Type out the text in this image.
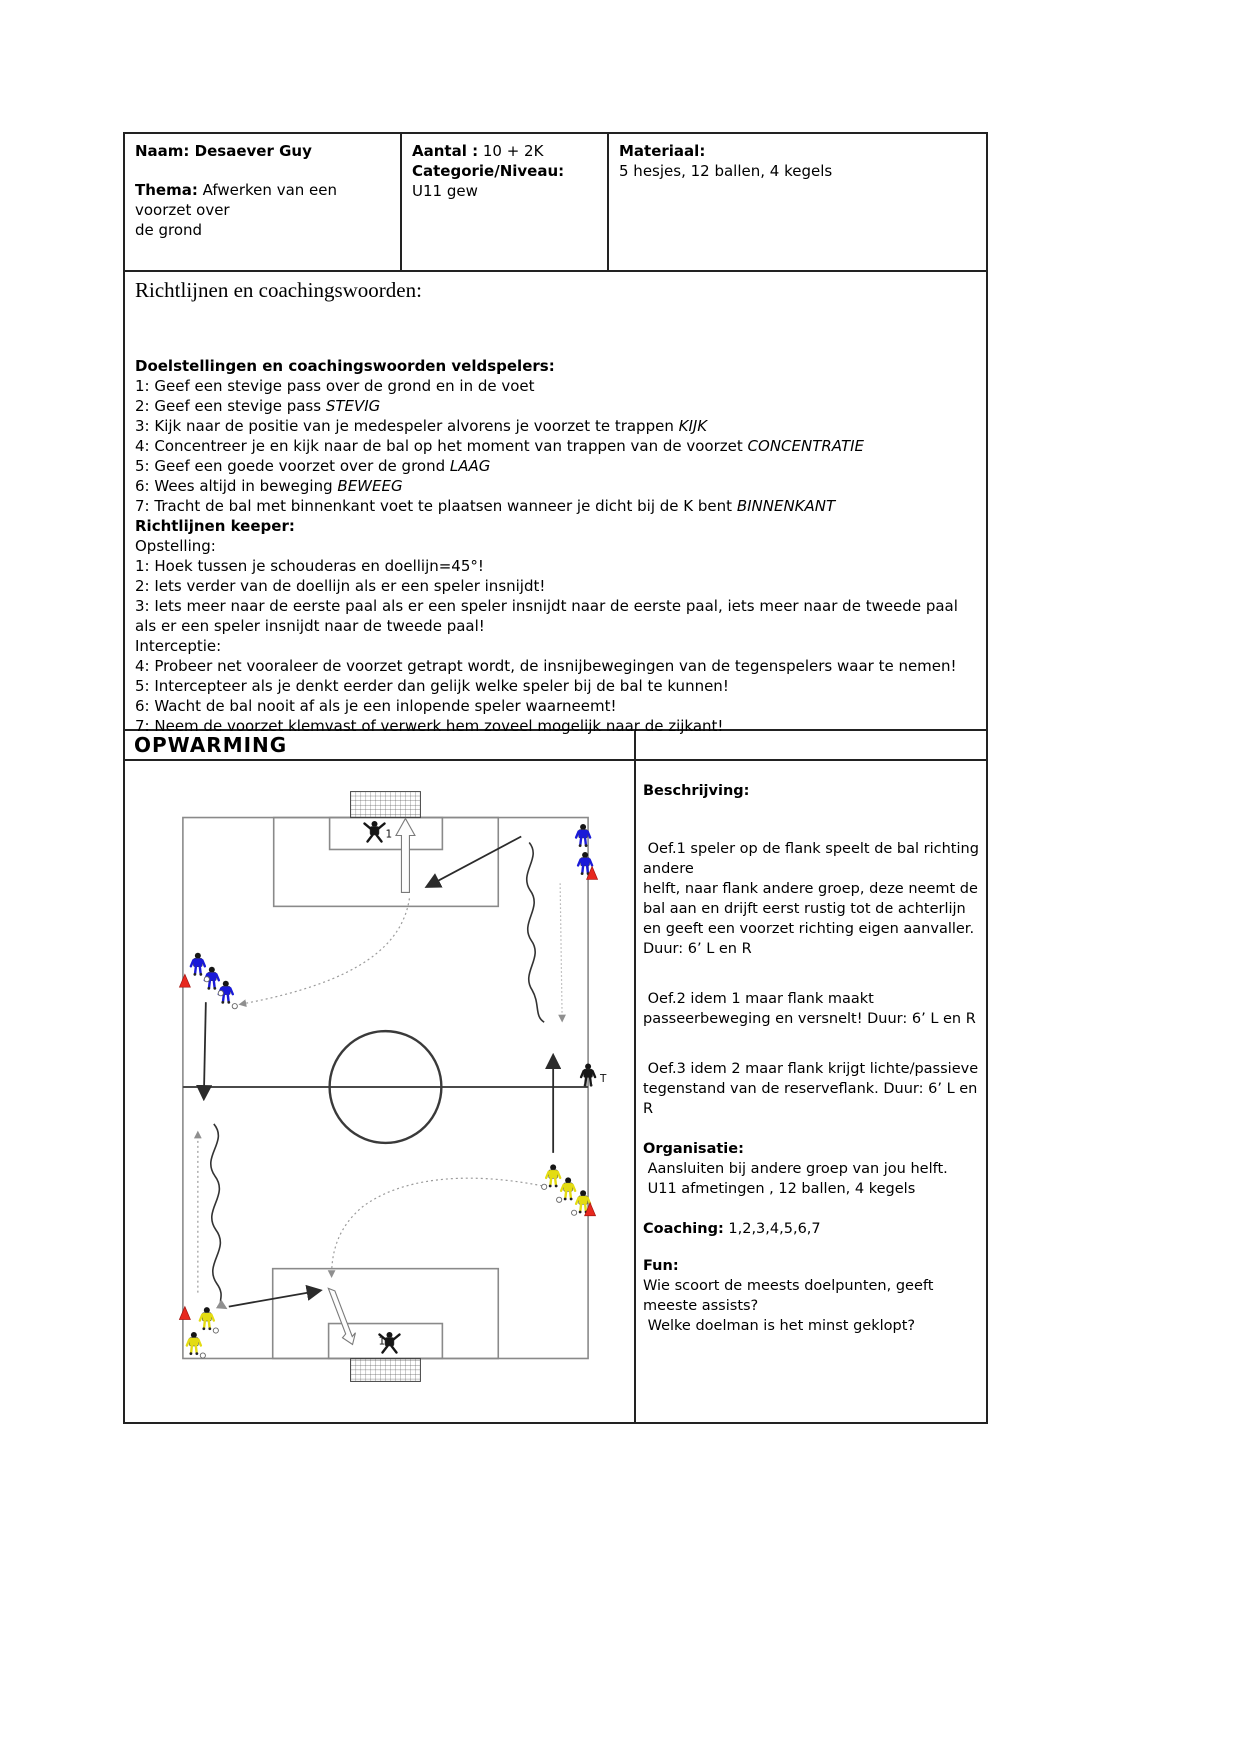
Naam: Desaever Guy
Thema: Afwerken van een
voorzet over
de grond
Aantal : 10 + 2K
Categorie/Niveau:
U11 gew
Materiaal:
5 hesjes, 12 ballen, 4 kegels
Richtlijnen en coachingswoorden:
Doelstellingen en coachingswoorden veldspelers:
1: Geef een stevige pass over de grond en in de voet
2: Geef een stevige pass STEVIG
3: Kijk naar de positie van je medespeler alvorens je voorzet te trappen KIJK
4: Concentreer je en kijk naar de bal op het moment van trappen van de voorzet CONCENTRATIE
5: Geef een goede voorzet over de grond LAAG
6: Wees altijd in beweging BEWEEG
7: Tracht de bal met binnenkant voet te plaatsen wanneer je dicht bij de K bent BINNENKANT
Richtlijnen keeper:
Opstelling:
1: Hoek tussen je schouderas en doellijn=45°!
2: Iets verder van de doellijn als er een speler insnijdt!
3: Iets meer naar de eerste paal als er een speler insnijdt naar de eerste paal, iets meer naar de tweede paal als er een speler insnijdt naar de tweede paal!
Interceptie:
4: Probeer net vooraleer de voorzet getrapt wordt, de insnijbewegingen van de tegenspelers waar te nemen!
5: Intercepteer als je denkt eerder dan gelijk welke speler bij de bal te kunnen!
6: Wacht de bal nooit af als je een inlopende speler waarneemt!
7: Neem de voorzet klemvast of verwerk hem zoveel mogelijk naar de zijkant!
OPWARMING
1
1
T
Beschrijving:
Oef.1 speler op de flank speelt de bal richting andere
helft, naar flank andere groep, deze neemt de bal aan en drijft eerst rustig tot de achterlijn en geeft een voorzet richting eigen aanvaller. Duur: 6’ L en R
Oef.2 idem 1 maar flank maakt passeerbeweging en versnelt! Duur: 6’ L en R
Oef.3 idem 2 maar flank krijgt lichte/passieve tegenstand van de reserveflank. Duur: 6’ L en R
Organisatie:
Aansluiten bij andere groep van jou helft.
U11 afmetingen , 12 ballen, 4 kegels
Coaching: 1,2,3,4,5,6,7
Fun:
Wie scoort de meests doelpunten, geeft meeste assists?
Welke doelman is het minst geklopt?
